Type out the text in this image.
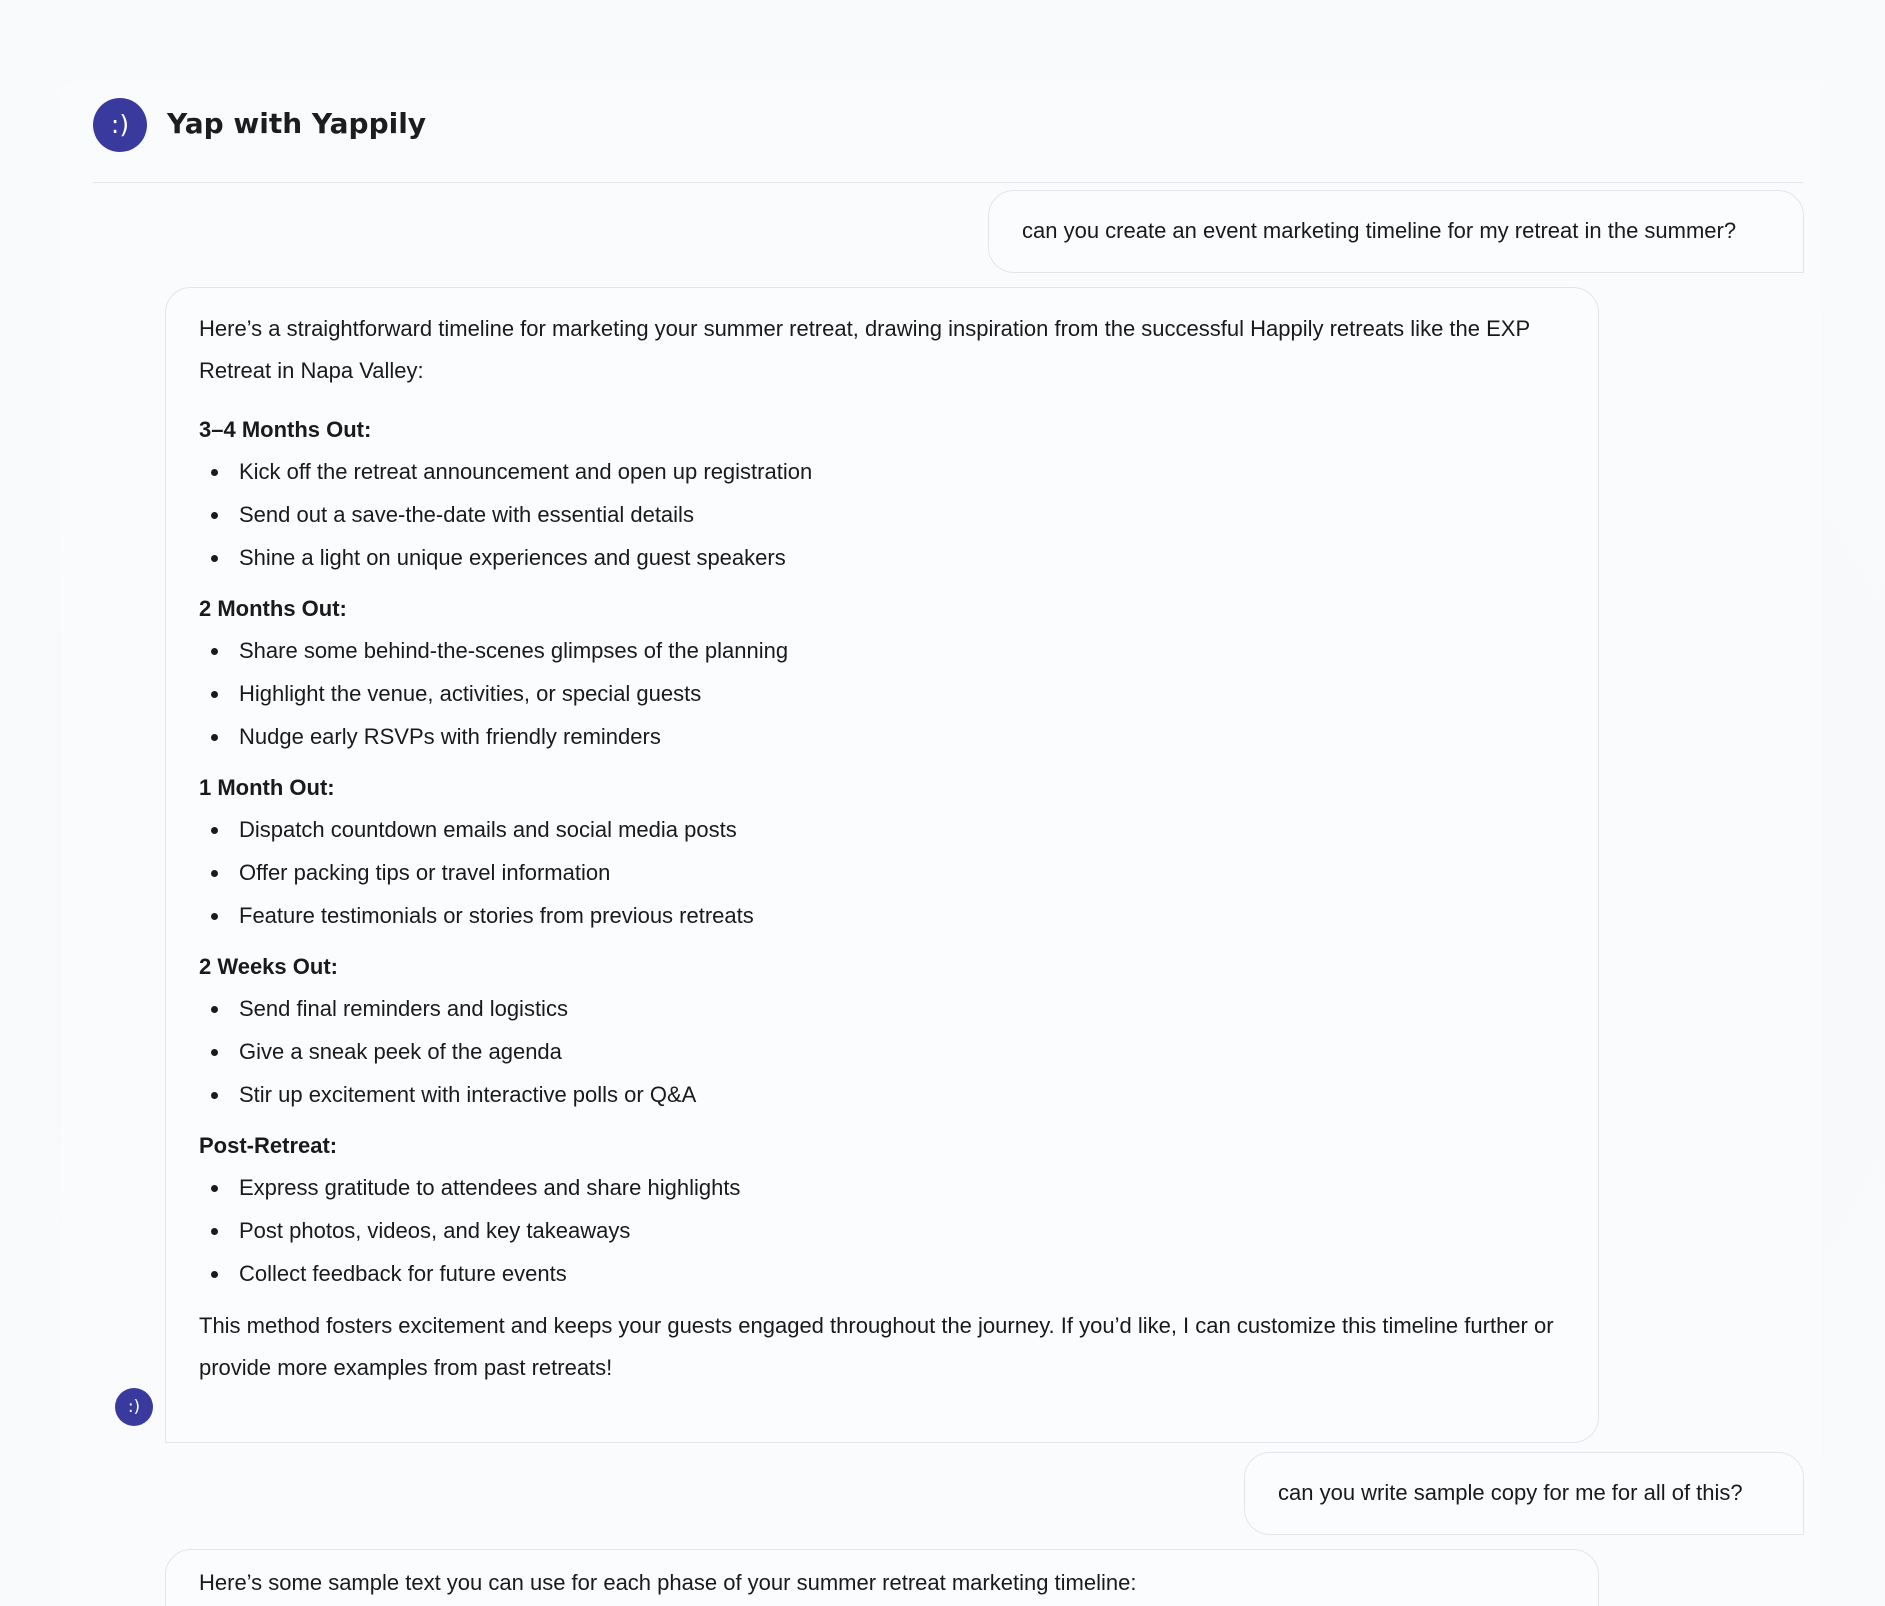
:)	Yap with Yappily
can you create an event marketing timeline for my retreat in the summer?

Here’s a straightforward timeline for marketing your summer retreat, drawing inspiration from the successful Happily retreats like the EXP Retreat in Napa Valley:

3–4 Months Out:

Kick off the retreat announcement and open up registration
Send out a save-the-date with essential details
Shine a light on unique experiences and guest speakers

2 Months Out:

Share some behind-the-scenes glimpses of the planning
Highlight the venue, activities, or special guests
Nudge early RSVPs with friendly reminders

1 Month Out:

Dispatch countdown emails and social media posts
Offer packing tips or travel information
Feature testimonials or stories from previous retreats

2 Weeks Out:

Send final reminders and logistics
Give a sneak peek of the agenda
Stir up excitement with interactive polls or Q&A

Post-Retreat:

Express gratitude to attendees and share highlights
Post photos, videos, and key takeaways
Collect feedback for future events

This method fosters excitement and keeps your guests engaged throughout the journey. If you’d like, I can customize this timeline further or provide more examples from past retreats!

:)
can you write sample copy for me for all of this?

Here’s some sample text you can use for each phase of your summer retreat marketing timeline:
